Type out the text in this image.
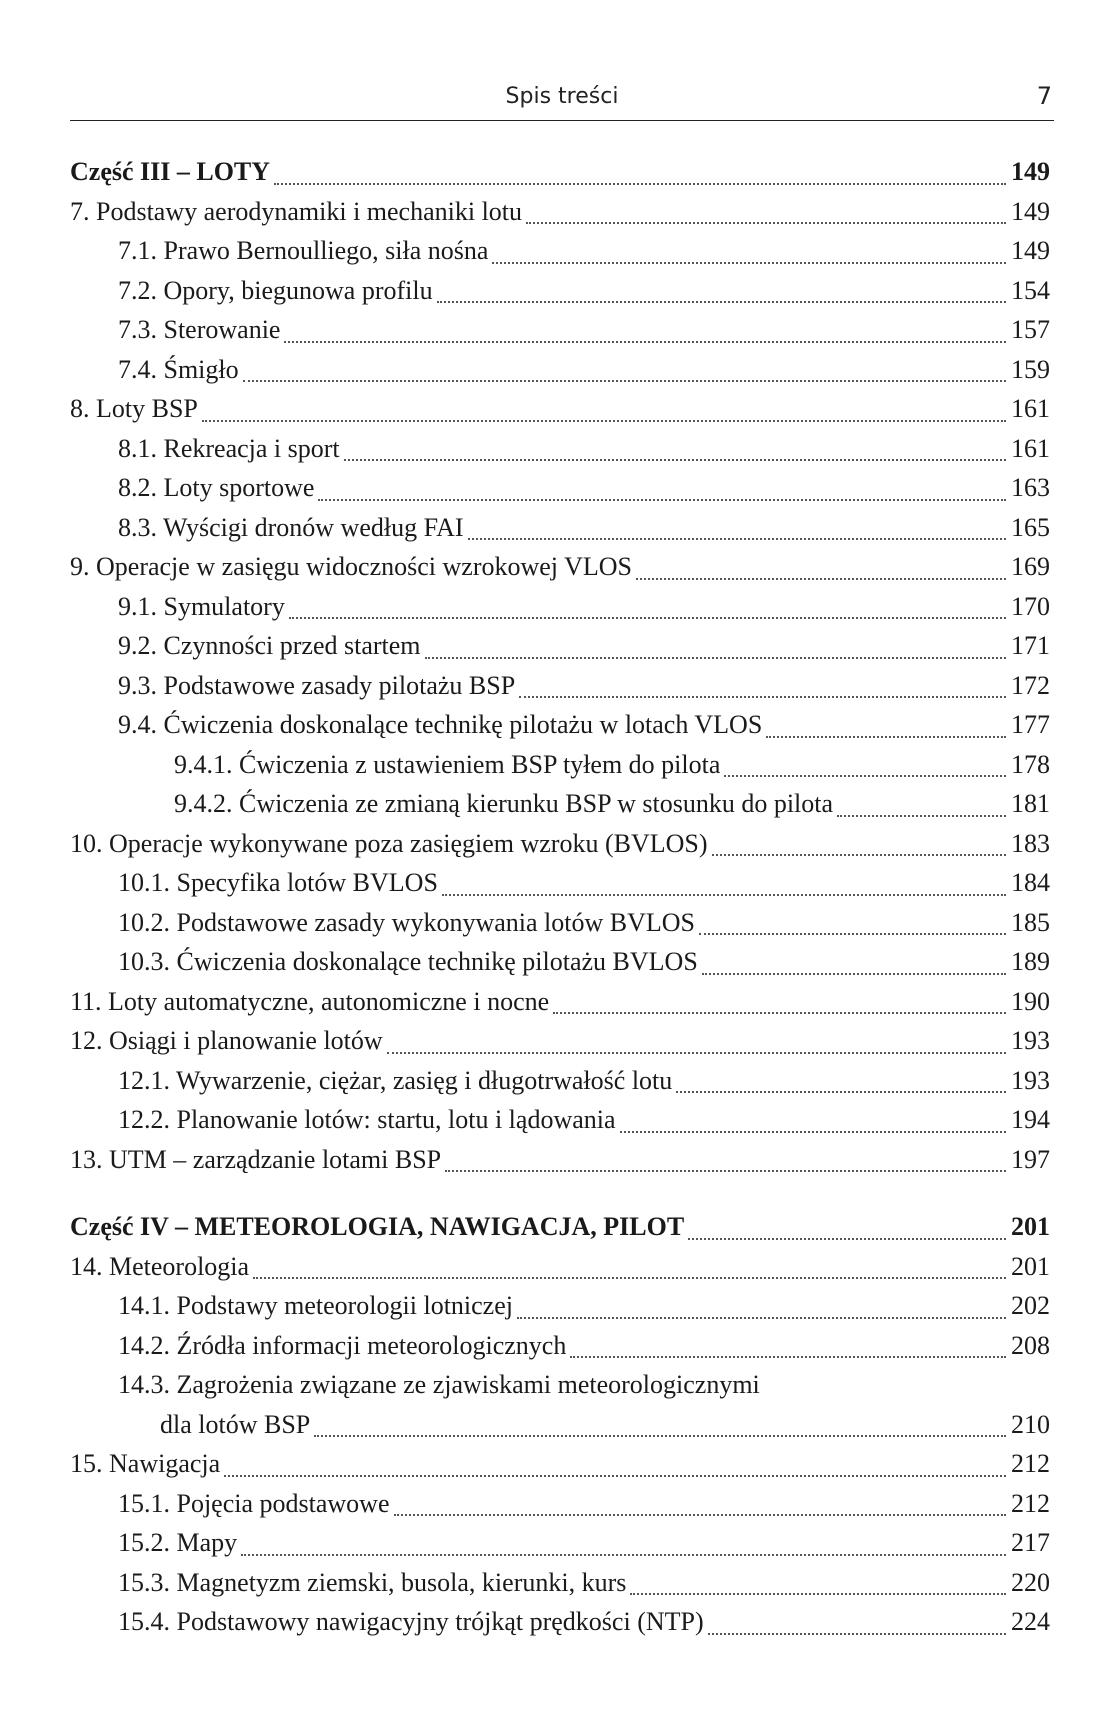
Spis treści	7
Część III – LOTY	149
7. Podstawy aerodynamiki i mechaniki lotu	149
7.1. Prawo Bernoulliego, siła nośna	149
7.2. Opory, biegunowa profilu	154
7.3. Sterowanie	157
7.4. Śmigło	159
8. Loty BSP	161
8.1. Rekreacja i sport	161
8.2. Loty sportowe	163
8.3. Wyścigi dronów według FAI	165
9. Operacje w zasięgu widoczności wzrokowej VLOS	169
9.1. Symulatory	170
9.2. Czynności przed startem	171
9.3. Podstawowe zasady pilotażu BSP	172
9.4. Ćwiczenia doskonalące technikę pilotażu w lotach VLOS	177
9.4.1. Ćwiczenia z ustawieniem BSP tyłem do pilota	178
9.4.2. Ćwiczenia ze zmianą kierunku BSP w stosunku do pilota	181
10. Operacje wykonywane poza zasięgiem wzroku (BVLOS)	183
10.1. Specyfika lotów BVLOS	184
10.2. Podstawowe zasady wykonywania lotów BVLOS	185
10.3. Ćwiczenia doskonalące technikę pilotażu BVLOS	189
11. Loty automatyczne, autonomiczne i nocne	190
12. Osiągi i planowanie lotów	193
12.1. Wywarzenie, ciężar, zasięg i długotrwałość lotu	193
12.2. Planowanie lotów: startu, lotu i lądowania	194
13. UTM – zarządzanie lotami BSP	197
Część IV – METEOROLOGIA, NAWIGACJA, PILOT	201
14. Meteorologia	201
14.1. Podstawy meteorologii lotniczej	202
14.2. Źródła informacji meteorologicznych	208
14.3. Zagrożenia związane ze zjawiskami meteorologicznymi
dla lotów BSP	210
15. Nawigacja	212
15.1. Pojęcia podstawowe	212
15.2. Mapy	217
15.3. Magnetyzm ziemski, busola, kierunki, kurs	220
15.4. Podstawowy nawigacyjny trójkąt prędkości (NTP)	224
